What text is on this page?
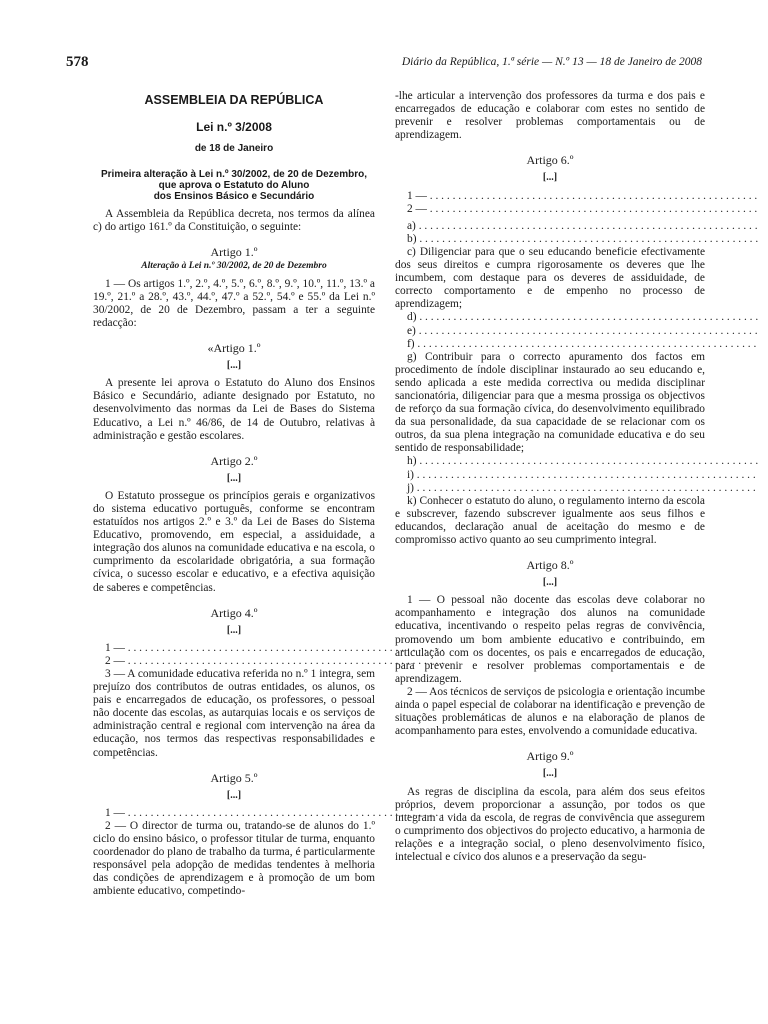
578	Diário da República, 1.ª série — N.º 13 — 18 de Janeiro de 2008
ASSEMBLEIA DA REPÚBLICA
Lei n.º 3/2008
de 18 de Janeiro
Primeira alteração à Lei n.º 30/2002, de 20 de Dezembro,
que aprova o Estatuto do Aluno
dos Ensinos Básico e Secundário

A Assembleia da República decreta, nos termos da alínea c) do artigo 161.º da Constituição, o seguinte:

Artigo 1.º
Alteração à Lei n.º 30/2002, de 20 de Dezembro

1 — Os artigos 1.º, 2.º, 4.º, 5.º, 6.º, 8.º, 9.º, 10.º, 11.º, 13.º a 19.º, 21.º a 28.º, 43.º, 44.º, 47.º a 52.º, 54.º e 55.º da Lei n.º 30/2002, de 20 de Dezembro, passam a ter a seguinte redacção:

«Artigo 1.º
[...]

A presente lei aprova o Estatuto do Aluno dos Ensinos Básico e Secundário, adiante designado por Estatuto, no desenvolvimento das normas da Lei de Bases do Sistema Educativo, a Lei n.º 46/86, de 14 de Outubro, relativas à administração e gestão escolares.

Artigo 2.º
[...]

O Estatuto prossegue os princípios gerais e organizativos do sistema educativo português, conforme se encontram estatuídos nos artigos 2.º e 3.º da Lei de Bases do Sistema Educativo, promovendo, em especial, a assiduidade, a integração dos alunos na comunidade educativa e na escola, o cumprimento da escolaridade obrigatória, a sua formação cívica, o sucesso escolar e educativo, e a efectiva aquisição de saberes e competências.

Artigo 4.º
[...]
1 — . . . . . . . . . . . . . . . . . . . . . . . . . . . . . . . . . . . . . . . . . . . . . . . . . . . . . . . .
2 — . . . . . . . . . . . . . . . . . . . . . . . . . . . . . . . . . . . . . . . . . . . . . . . . . . . . . . . .

3 — A comunidade educativa referida no n.º 1 integra, sem prejuízo dos contributos de outras entidades, os alunos, os pais e encarregados de educação, os professores, o pessoal não docente das escolas, as autarquias locais e os serviços de administração central e regional com intervenção na área da educação, nos termos das respectivas responsabilidades e competências.

Artigo 5.º
[...]
1 — . . . . . . . . . . . . . . . . . . . . . . . . . . . . . . . . . . . . . . . . . . . . . . . . . . . . . . . .

2 — O director de turma ou, tratando-se de alunos do 1.º ciclo do ensino básico, o professor titular de turma, enquanto coordenador do plano de trabalho da turma, é particularmente responsável pela adopção de medidas tendentes à melhoria das condições de aprendizagem e à promoção de um bom ambiente educativo, competindo-

-lhe articular a intervenção dos professores da turma e dos pais e encarregados de educação e colaborar com estes no sentido de prevenir e resolver problemas comportamentais ou de aprendizagem.

Artigo 6.º
[...]
1 — . . . . . . . . . . . . . . . . . . . . . . . . . . . . . . . . . . . . . . . . . . . . . . . . . . . . . . . . . .
2 — . . . . . . . . . . . . . . . . . . . . . . . . . . . . . . . . . . . . . . . . . . . . . . . . . . . . . . . . . .
a) . . . . . . . . . . . . . . . . . . . . . . . . . . . . . . . . . . . . . . . . . . . . . . . . . . . . . . . . . . . .
b) . . . . . . . . . . . . . . . . . . . . . . . . . . . . . . . . . . . . . . . . . . . . . . . . . . . . . . . . . . . .

c) Diligenciar para que o seu educando beneficie efectivamente dos seus direitos e cumpra rigorosamente os deveres que lhe incumbem, com destaque para os deveres de assiduidade, de correcto comportamento e de empenho no processo de aprendizagem;

d) . . . . . . . . . . . . . . . . . . . . . . . . . . . . . . . . . . . . . . . . . . . . . . . . . . . . . . . . . . . .
e) . . . . . . . . . . . . . . . . . . . . . . . . . . . . . . . . . . . . . . . . . . . . . . . . . . . . . . . . . . . .
f) . . . . . . . . . . . . . . . . . . . . . . . . . . . . . . . . . . . . . . . . . . . . . . . . . . . . . . . . . . . .

g) Contribuir para o correcto apuramento dos factos em procedimento de índole disciplinar instaurado ao seu educando e, sendo aplicada a este medida correctiva ou medida disciplinar sancionatória, diligenciar para que a mesma prossiga os objectivos de reforço da sua formação cívica, do desenvolvimento equilibrado da sua personalidade, da sua capacidade de se relacionar com os outros, da sua plena integração na comunidade educativa e do seu sentido de responsabilidade;

h) . . . . . . . . . . . . . . . . . . . . . . . . . . . . . . . . . . . . . . . . . . . . . . . . . . . . . . . . . . . .
i) . . . . . . . . . . . . . . . . . . . . . . . . . . . . . . . . . . . . . . . . . . . . . . . . . . . . . . . . . . . .
j) . . . . . . . . . . . . . . . . . . . . . . . . . . . . . . . . . . . . . . . . . . . . . . . . . . . . . . . . . . . .

k) Conhecer o estatuto do aluno, o regulamento interno da escola e subscrever, fazendo subscrever igualmente aos seus filhos e educandos, declaração anual de aceitação do mesmo e de compromisso activo quanto ao seu cumprimento integral.

Artigo 8.º
[...]

1 — O pessoal não docente das escolas deve colaborar no acompanhamento e integração dos alunos na comunidade educativa, incentivando o respeito pelas regras de convivência, promovendo um bom ambiente educativo e contribuindo, em articulação com os docentes, os pais e encarregados de educação, para prevenir e resolver problemas comportamentais e de aprendizagem.

2 — Aos técnicos de serviços de psicologia e orientação incumbe ainda o papel especial de colaborar na identificação e prevenção de situações problemáticas de alunos e na elaboração de planos de acompanhamento para estes, envolvendo a comunidade educativa.

Artigo 9.º
[...]

As regras de disciplina da escola, para além dos seus efeitos próprios, devem proporcionar a assunção, por todos os que integram a vida da escola, de regras de convivência que assegurem o cumprimento dos objectivos do projecto educativo, a harmonia de relações e a integração social, o pleno desenvolvimento físico, intelectual e cívico dos alunos e a preservação da segu-
